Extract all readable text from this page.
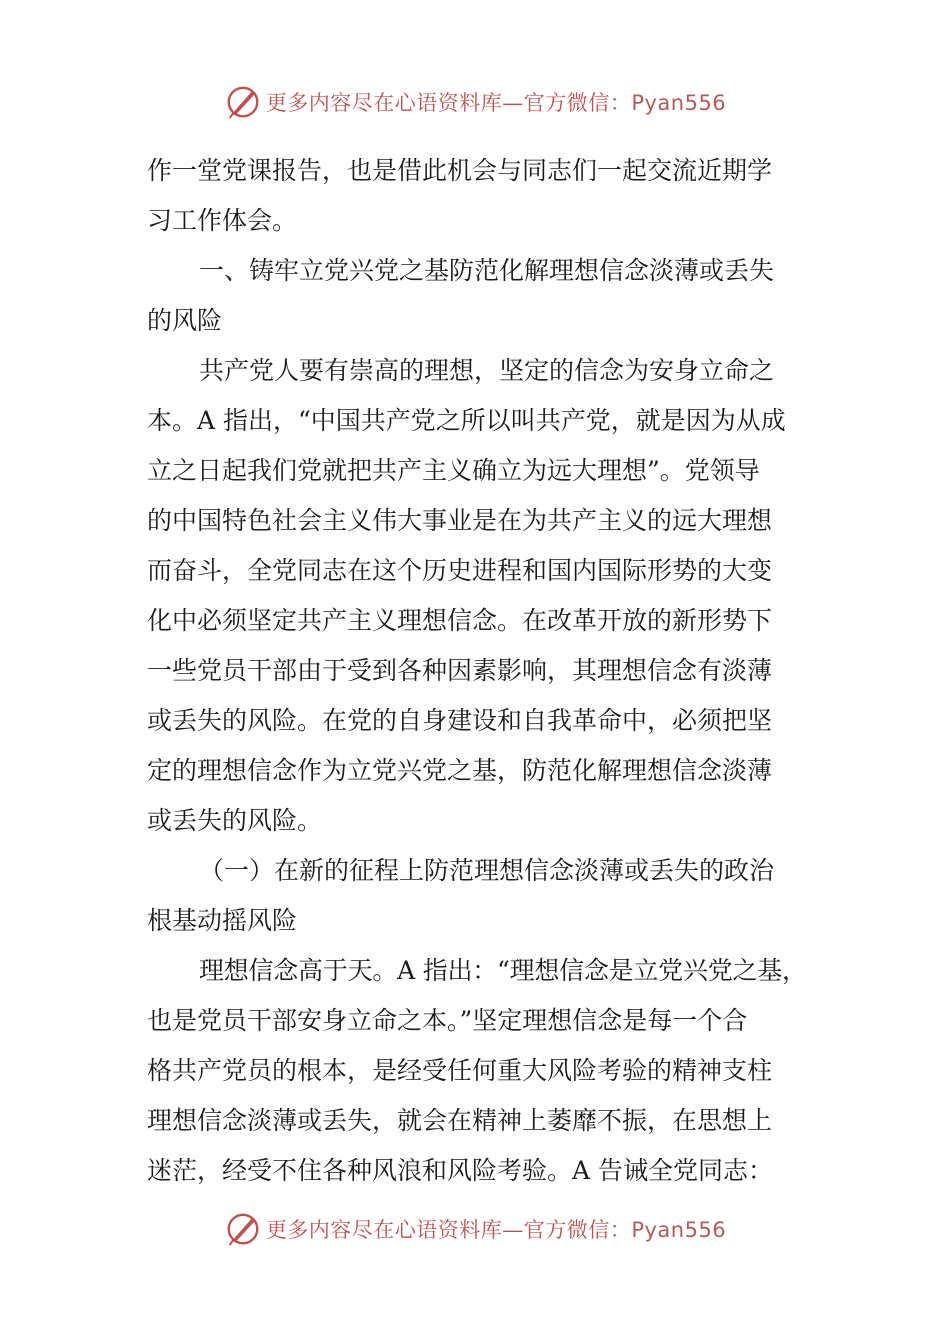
更多内容尽在心语资料库—官方微信：Pyan556
作一堂党课报告，也是借此机会与同志们一起交流近期学
习工作体会。
一、铸牢立党兴党之基防范化解理想信念淡薄或丢失
的风险
共产党人要有崇高的理想，坚定的信念为安身立命之
本。A 指出，“中国共产党之所以叫共产党，就是因为从成
立之日起我们党就把共产主义确立为远大理想”。党领导
的中国特色社会主义伟大事业是在为共产主义的远大理想
而奋斗，全党同志在这个历史进程和国内国际形势的大变
化中必须坚定共产主义理想信念。在改革开放的新形势下
一些党员干部由于受到各种因素影响，其理想信念有淡薄
或丢失的风险。在党的自身建设和自我革命中，必须把坚
定的理想信念作为立党兴党之基，防范化解理想信念淡薄
或丢失的风险。
（一）在新的征程上防范理想信念淡薄或丢失的政治
根基动摇风险
理想信念高于天。A 指出：“理想信念是立党兴党之基，
也是党员干部安身立命之本。”坚定理想信念是每一个合
格共产党员的根本，是经受任何重大风险考验的精神支柱
理想信念淡薄或丢失，就会在精神上萎靡不振，在思想上
迷茫，经受不住各种风浪和风险考验。A 告诫全党同志：
更多内容尽在心语资料库—官方微信：Pyan556
